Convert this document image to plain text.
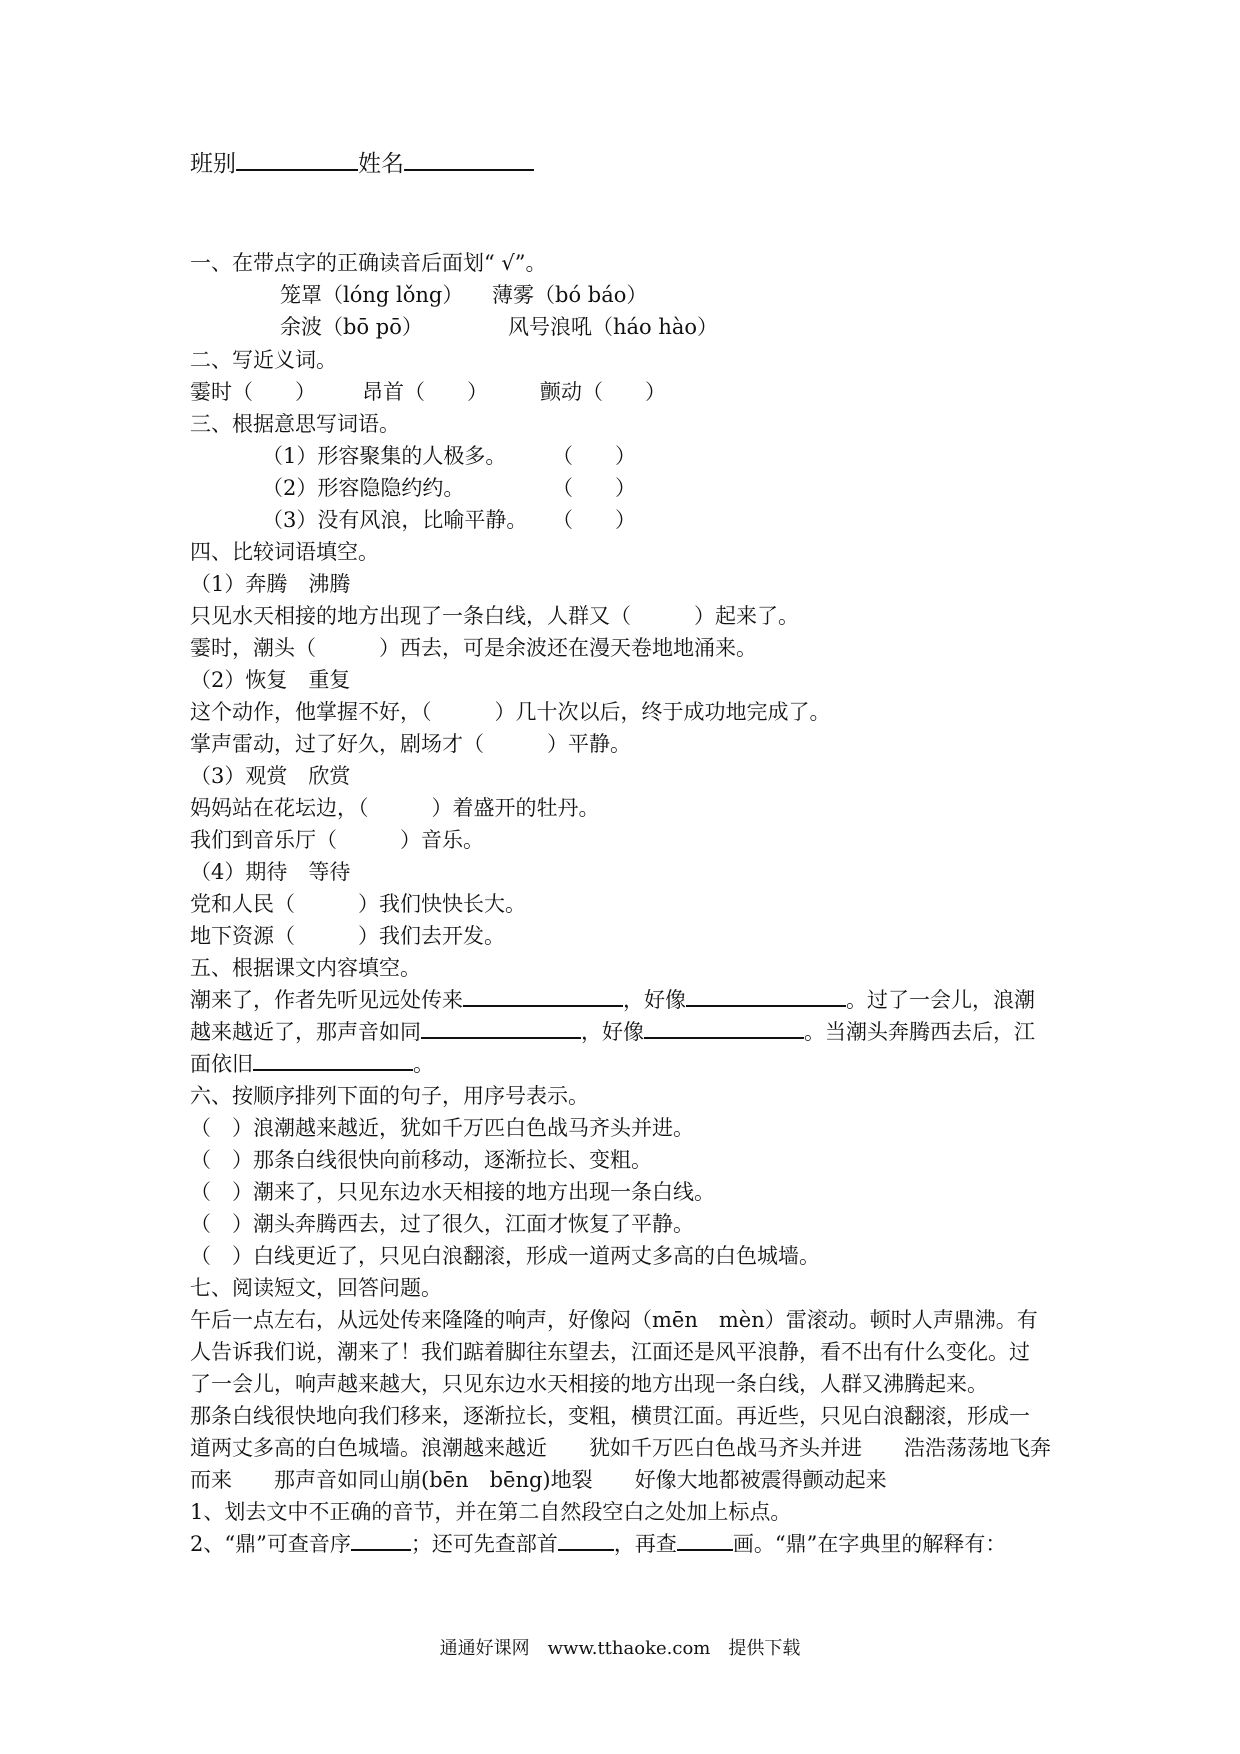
班别	姓名
一、在带点字的正确读音后面划“ √”。
笼罩（lóng lǒng） 薄雾（bó báo）
余波（bō pō）	风号浪吼（háo hào）
二、写近义词。
霎时（　　） 昂首（　　） 颤动（　　）
三、根据意思写词语。
（1）形容聚集的人极多。 （　　）
（2）形容隐隐约约。	（　　）
（3）没有风浪，比喻平静。 （　　）
四、比较词语填空。
（1）奔腾　沸腾
只见水天相接的地方出现了一条白线，人群又（　　　）起来了。
霎时，潮头（　　　）西去，可是余波还在漫天卷地地涌来。
（2）恢复　重复
这个动作，他掌握不好，（　　　）几十次以后，终于成功地完成了。
掌声雷动，过了好久，剧场才（　　　）平静。
（3）观赏　欣赏
妈妈站在花坛边，（　　　）着盛开的牡丹。
我们到音乐厅（　　　）音乐。
（4）期待　等待
党和人民（　　　）我们快快长大。
地下资源（　　　）我们去开发。
五、根据课文内容填空。
潮来了，作者先听见远处传来	，好像	。过了一会儿，浪潮
越来越近了，那声音如同	，好像	。当潮头奔腾西去后，江
面依旧	。
六、按顺序排列下面的句子，用序号表示。
（　）浪潮越来越近，犹如千万匹白色战马齐头并进。
（　）那条白线很快向前移动，逐渐拉长、变粗。
（　）潮来了，只见东边水天相接的地方出现一条白线。
（　）潮头奔腾西去，过了很久，江面才恢复了平静。
（　）白线更近了，只见白浪翻滚，形成一道两丈多高的白色城墙。
七、阅读短文，回答问题。
午后一点左右，从远处传来隆隆的响声，好像闷（mēn　mèn）雷滚动。顿时人声鼎沸。有
人告诉我们说，潮来了！我们踮着脚往东望去，江面还是风平浪静，看不出有什么变化。过
了一会儿，响声越来越大，只见东边水天相接的地方出现一条白线，人群又沸腾起来。
那条白线很快地向我们移来，逐渐拉长，变粗，横贯江面。再近些，只见白浪翻滚，形成一
道两丈多高的白色城墙。浪潮越来越近　　犹如千万匹白色战马齐头并进　　浩浩荡荡地飞奔
而来　　那声音如同山崩(bēn　bēng)地裂　　好像大地都被震得颤动起来
1、划去文中不正确的音节，并在第二自然段空白之处加上标点。
2、“鼎”可查音序	；还可先查部首	，再查	画。“鼎”在字典里的解释有：
通通好课网　www.tthaoke.com　提供下载
